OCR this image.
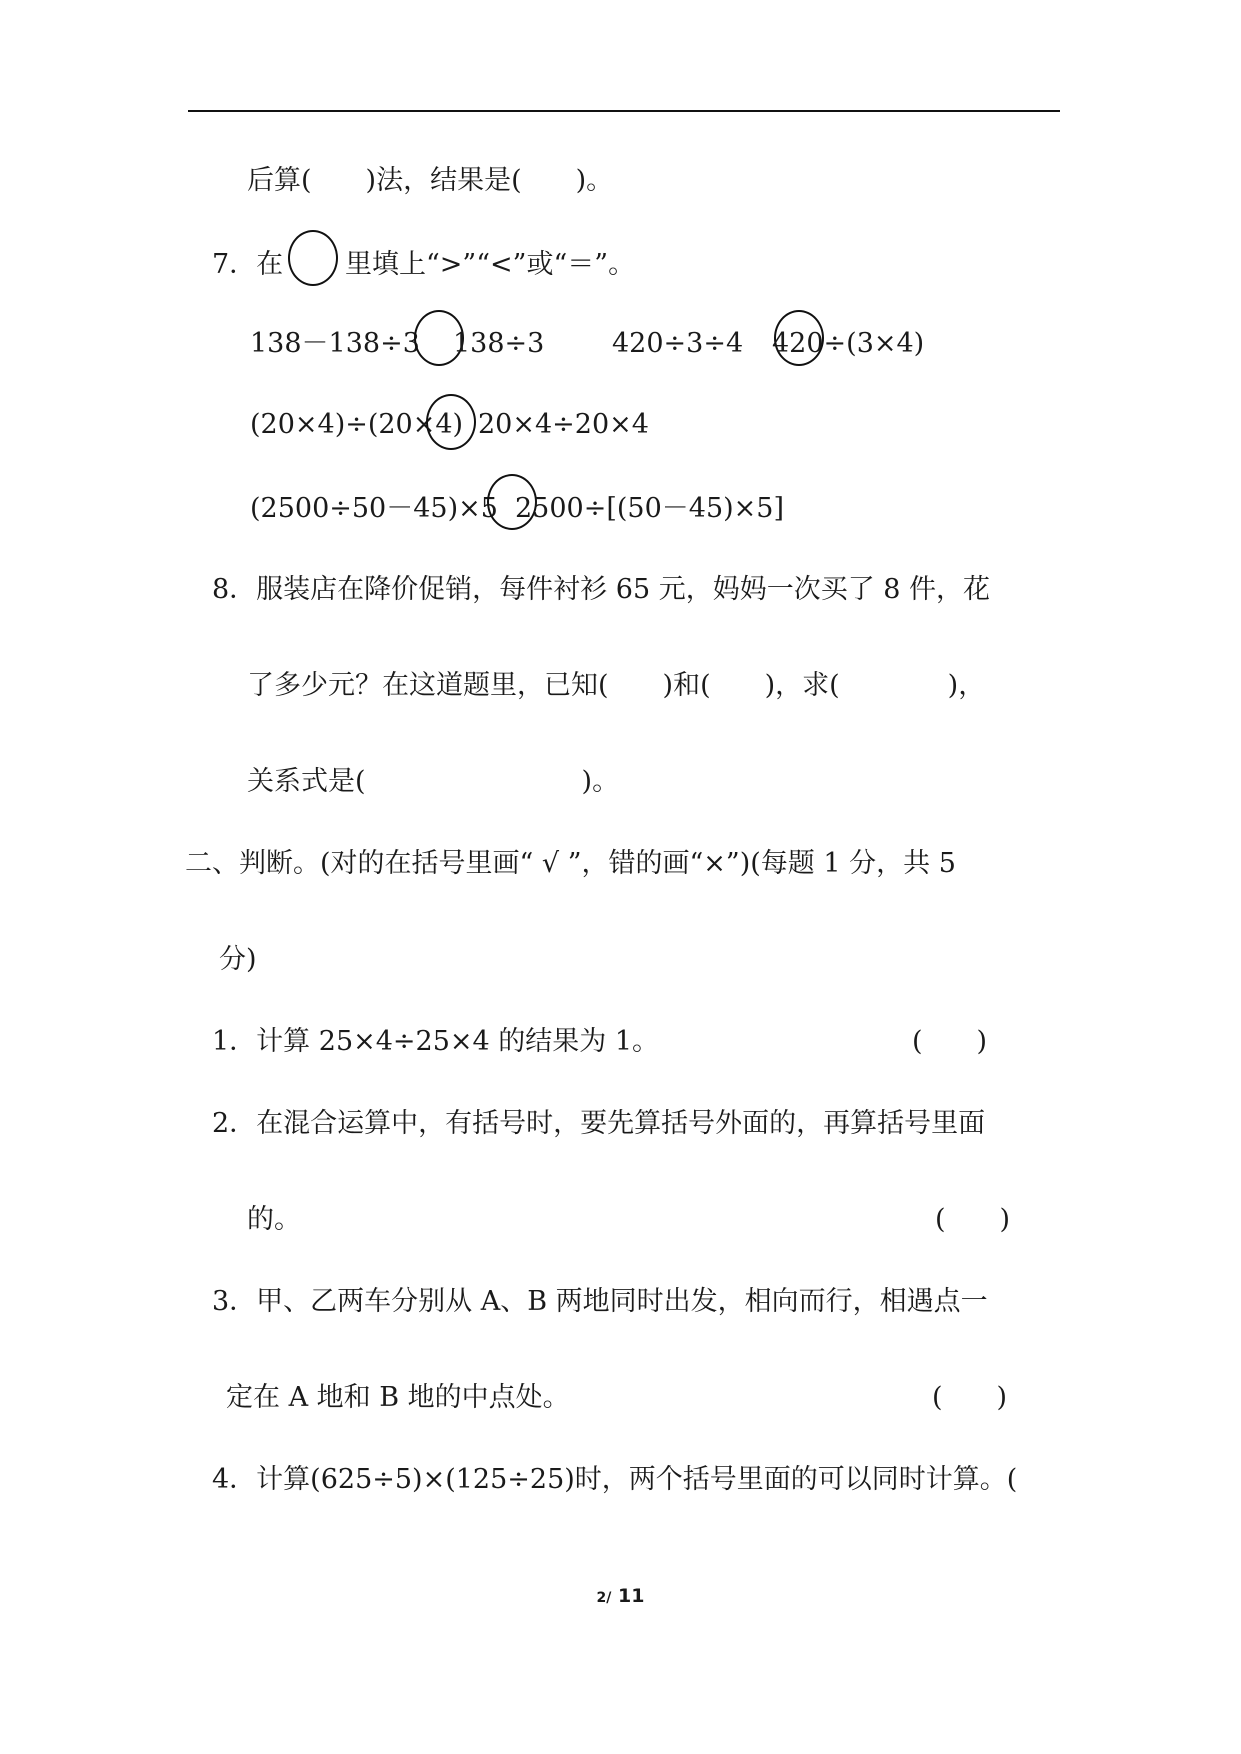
后算(　　)法，结果是(　　)。
7．在 里填上“>”“<”或“＝”。
138－138÷3 138÷3	420÷3÷4 420÷(3×4)
(20×4)÷(20×4) 20×4÷20×4
(2500÷50－45)×5 2500÷[(50－45)×5]
8．服装店在降价促销，每件衬衫 65 元，妈妈一次买了 8 件，花
了多少元？在这道题里，已知(　　)和(　　)，求(　　　　)，
关系式是(　　　　　　　　)。
二、判断。(对的在括号里画“ √ ”，错的画“×”)(每题 1 分，共 5
分)
1．计算 25×4÷25×4 的结果为 1。	(　　)
2．在混合运算中，有括号时，要先算括号外面的，再算括号里面
的。	(　　)
3．甲、乙两车分别从 A、B 两地同时出发，相向而行，相遇点一
定在 A 地和 B 地的中点处。	(　　)
4．计算(625÷5)×(125÷25)时，两个括号里面的可以同时计算。(
2/ 11
